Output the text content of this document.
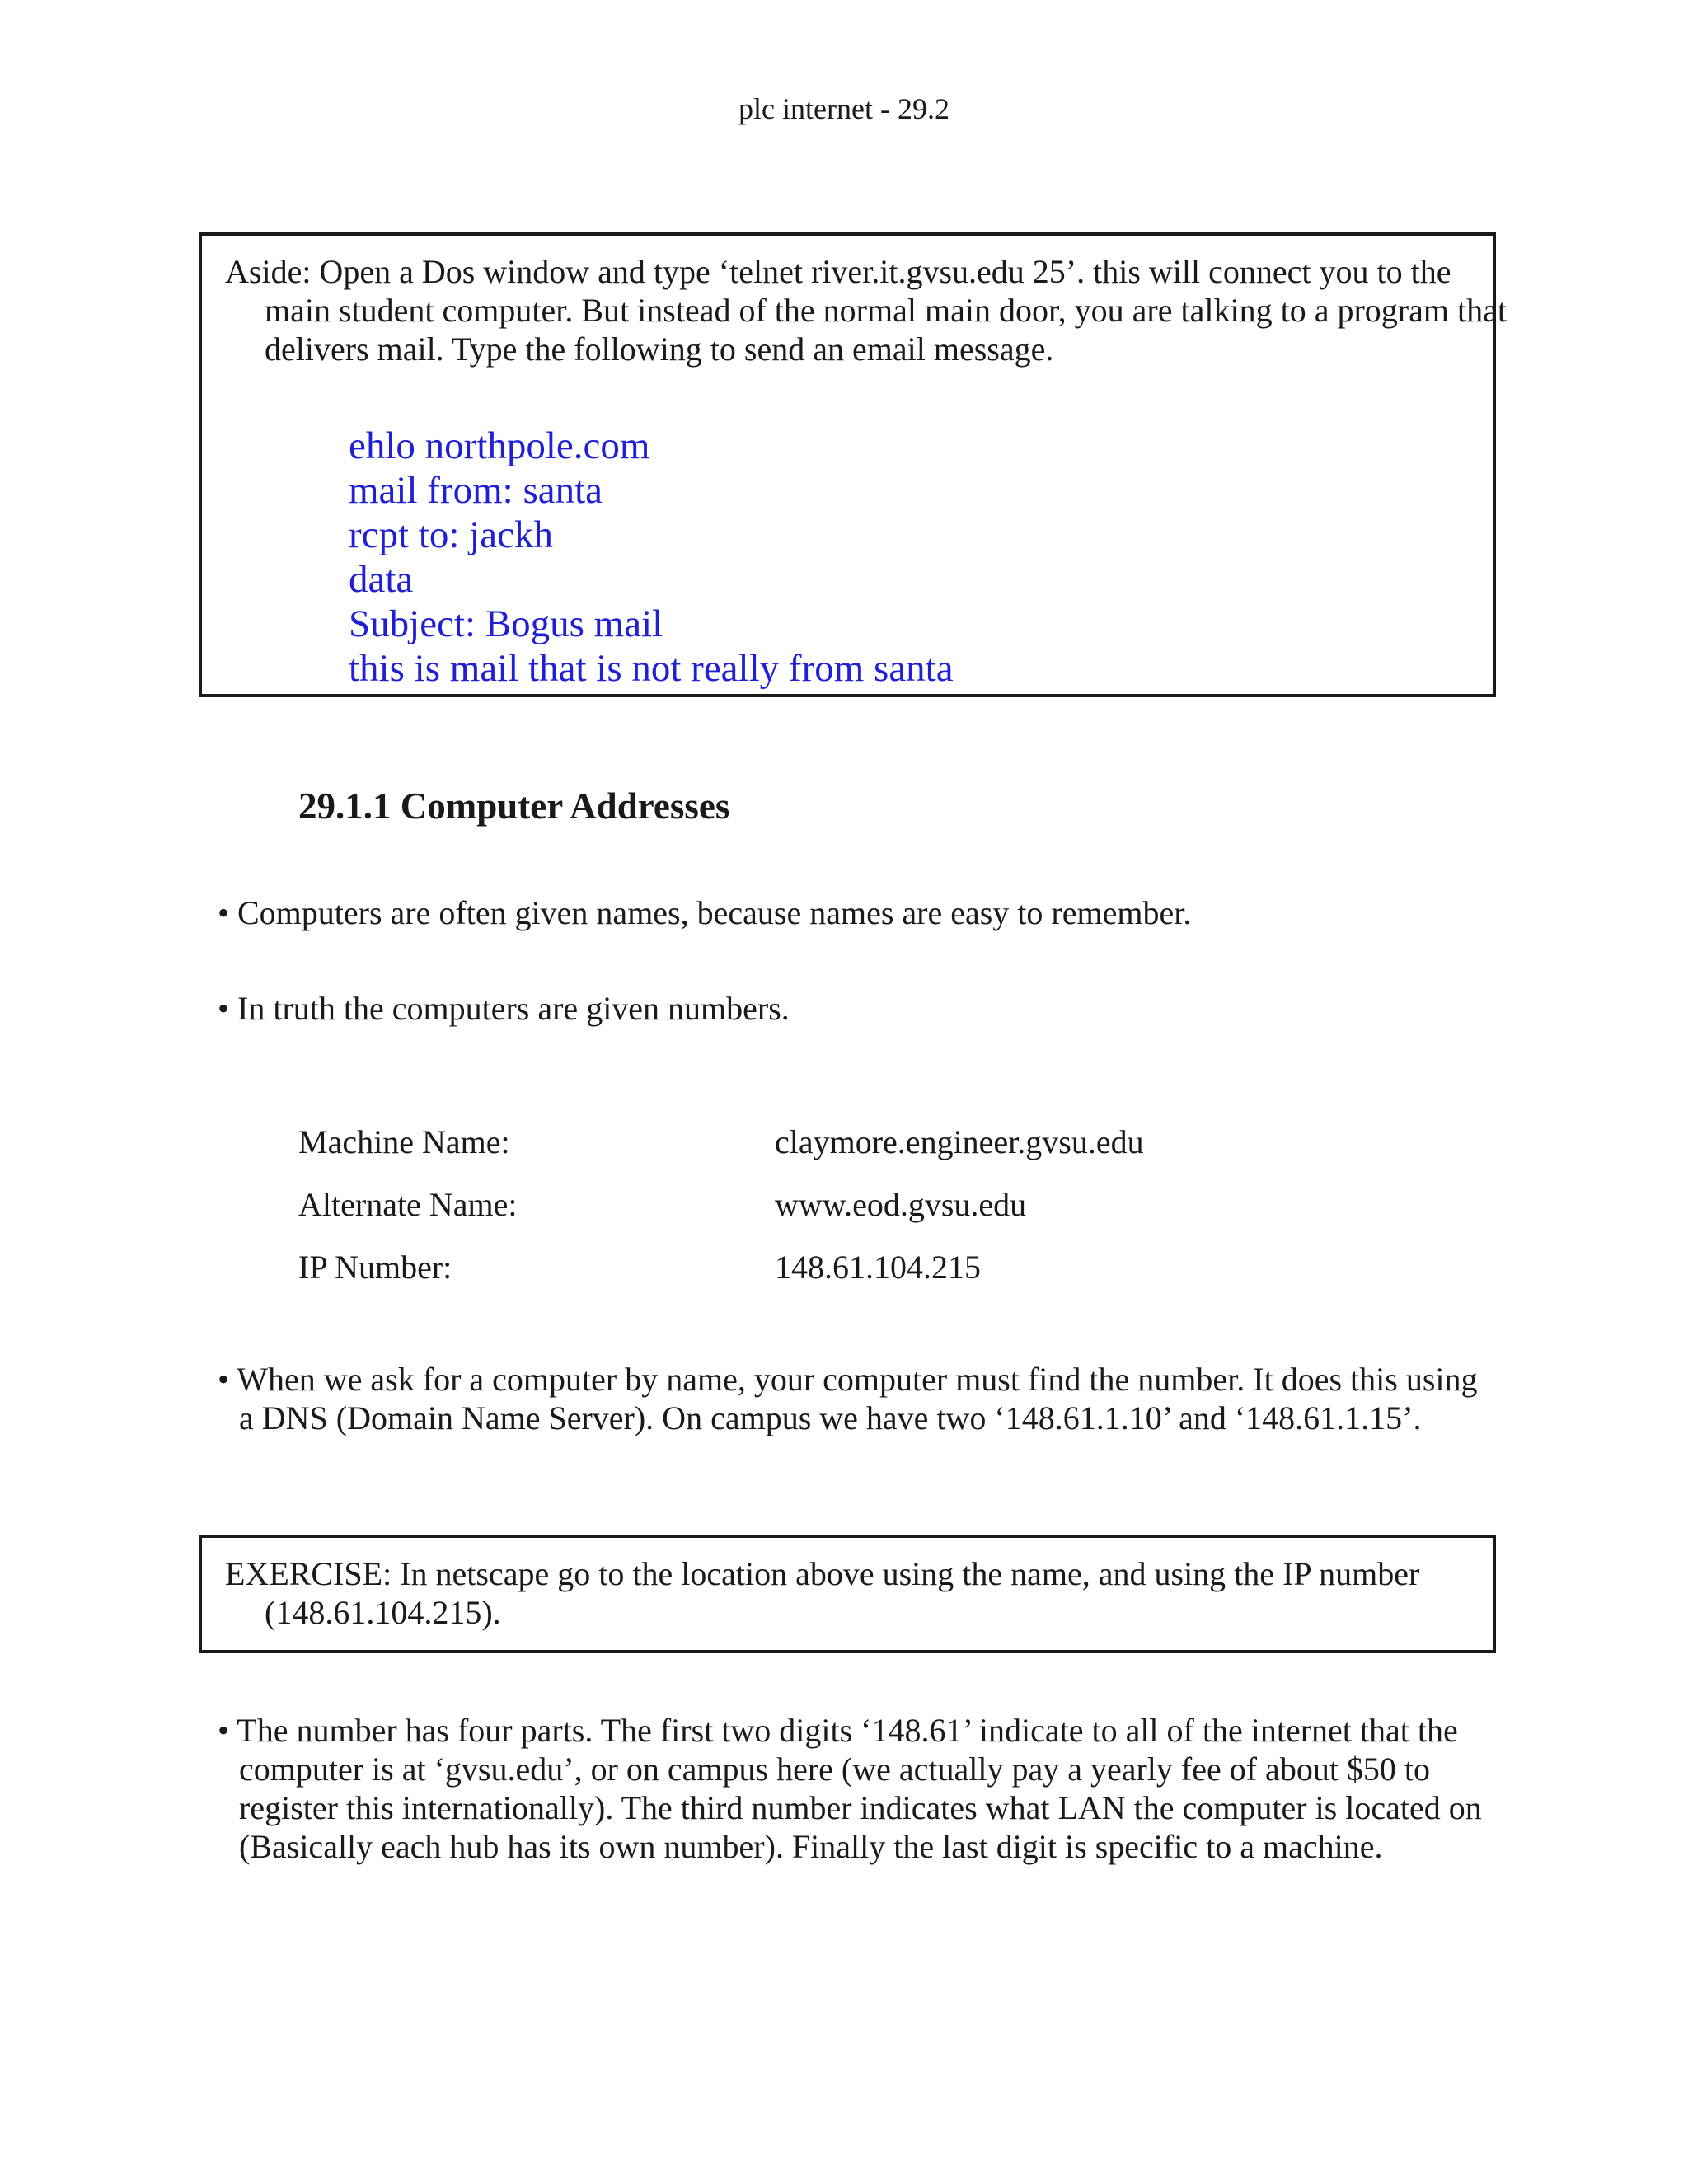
plc internet - 29.2

Aside: Open a Dos window and type ‘telnet river.it.gvsu.edu 25’. this will connect you to the main student computer. But instead of the normal main door, you are talking to a program that delivers mail. Type the following to send an email message.

ehlo northpole.com
mail from: santa
rcpt to: jackh
data
Subject: Bogus mail
this is mail that is not really from santa
29.1.1 Computer Addresses

• Computers are often given names, because names are easy to remember.

• In truth the computers are given numbers.

Machine Name:	claymore.engineer.gvsu.edu
Alternate Name:	www.eod.gvsu.edu
IP Number:	148.61.104.215

• When we ask for a computer by name, your computer must find the number. It does this using a DNS (Domain Name Server). On campus we have two ‘148.61.1.10’ and ‘148.61.1.15’.

EXERCISE: In netscape go to the location above using the name, and using the IP number (148.61.104.215).

• The number has four parts. The first two digits ‘148.61’ indicate to all of the internet that the computer is at ‘gvsu.edu’, or on campus here (we actually pay a yearly fee of about $50 to register this internationally). The third number indicates what LAN the computer is located on (Basically each hub has its own number). Finally the last digit is specific to a machine.
